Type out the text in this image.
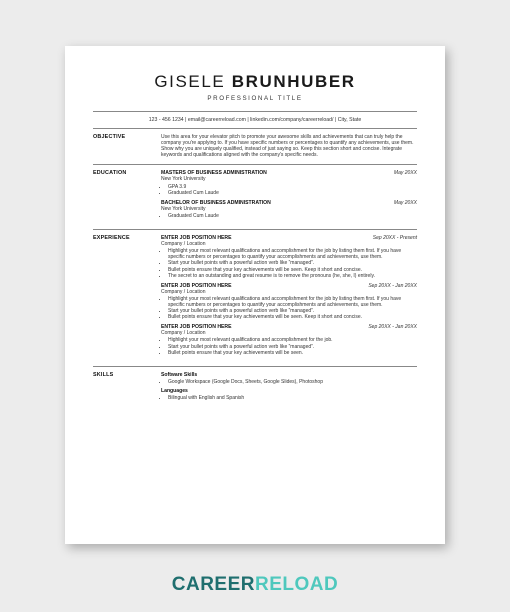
GISELE BRUNHUBER
PROFESSIONAL TITLE
123 - 456 1234 | email@careerreload.com | linkedin.com/company/careerreload/ | City, State
OBJECTIVE	Use this area for your elevator pitch to promote your awesome skills and achievements that can truly help the company you're applying to. If you have specific numbers or percentages to quantify any achievements, use them. Show why you are uniquely qualified, instead of just saying so. Keep this section short and concise. Integrate keywords and qualifications aligned with the company's specific needs.
EDUCATION	MASTERS OF BUSINESS ADMINISTRATION	May 20XX
New York University
• GPA 3.9
• Graduated Cum Laude
BACHELOR OF BUSINESS ADMINISTRATION	May 20XX
New York University
• Graduated Cum Laude
EXPERIENCE	ENTER JOB POSITION HERE	Sep 20XX - Present
Company / Location
• Highlight your most relevant qualifications and accomplishment for the job by listing them first. If you have specific numbers or percentages to quantify your accomplishments and achievements, use them.
• Start your bullet points with a powerful action verb like “managed”.
• Bullet points ensure that your key achievements will be seen. Keep it short and concise.
• The secret to an outstanding and great resume is to remove the pronouns (he, she, I) entirely.
ENTER JOB POSITION HERE	Sep 20XX - Jan 20XX
Company / Location
• Highlight your most relevant qualifications and accomplishment for the job by listing them first. If you have specific numbers or percentages to quantify your accomplishments and achievements, use them.
• Start your bullet points with a powerful action verb like “managed”.
• Bullet points ensure that your key achievements will be seen. Keep it short and concise.
ENTER JOB POSITION HERE	Sep 20XX - Jan 20XX
Company / Location
• Highlight your most relevant qualifications and accomplishment for the job.
• Start your bullet points with a powerful action verb like “managed”.
• Bullet points ensure that your key achievements will be seen.
SKILLS	Software Skills
• Google Workspace (Google Docs, Sheets, Google Slides), Photoshop
Languages
• Bilingual with English and Spanish
CAREERRELOAD
